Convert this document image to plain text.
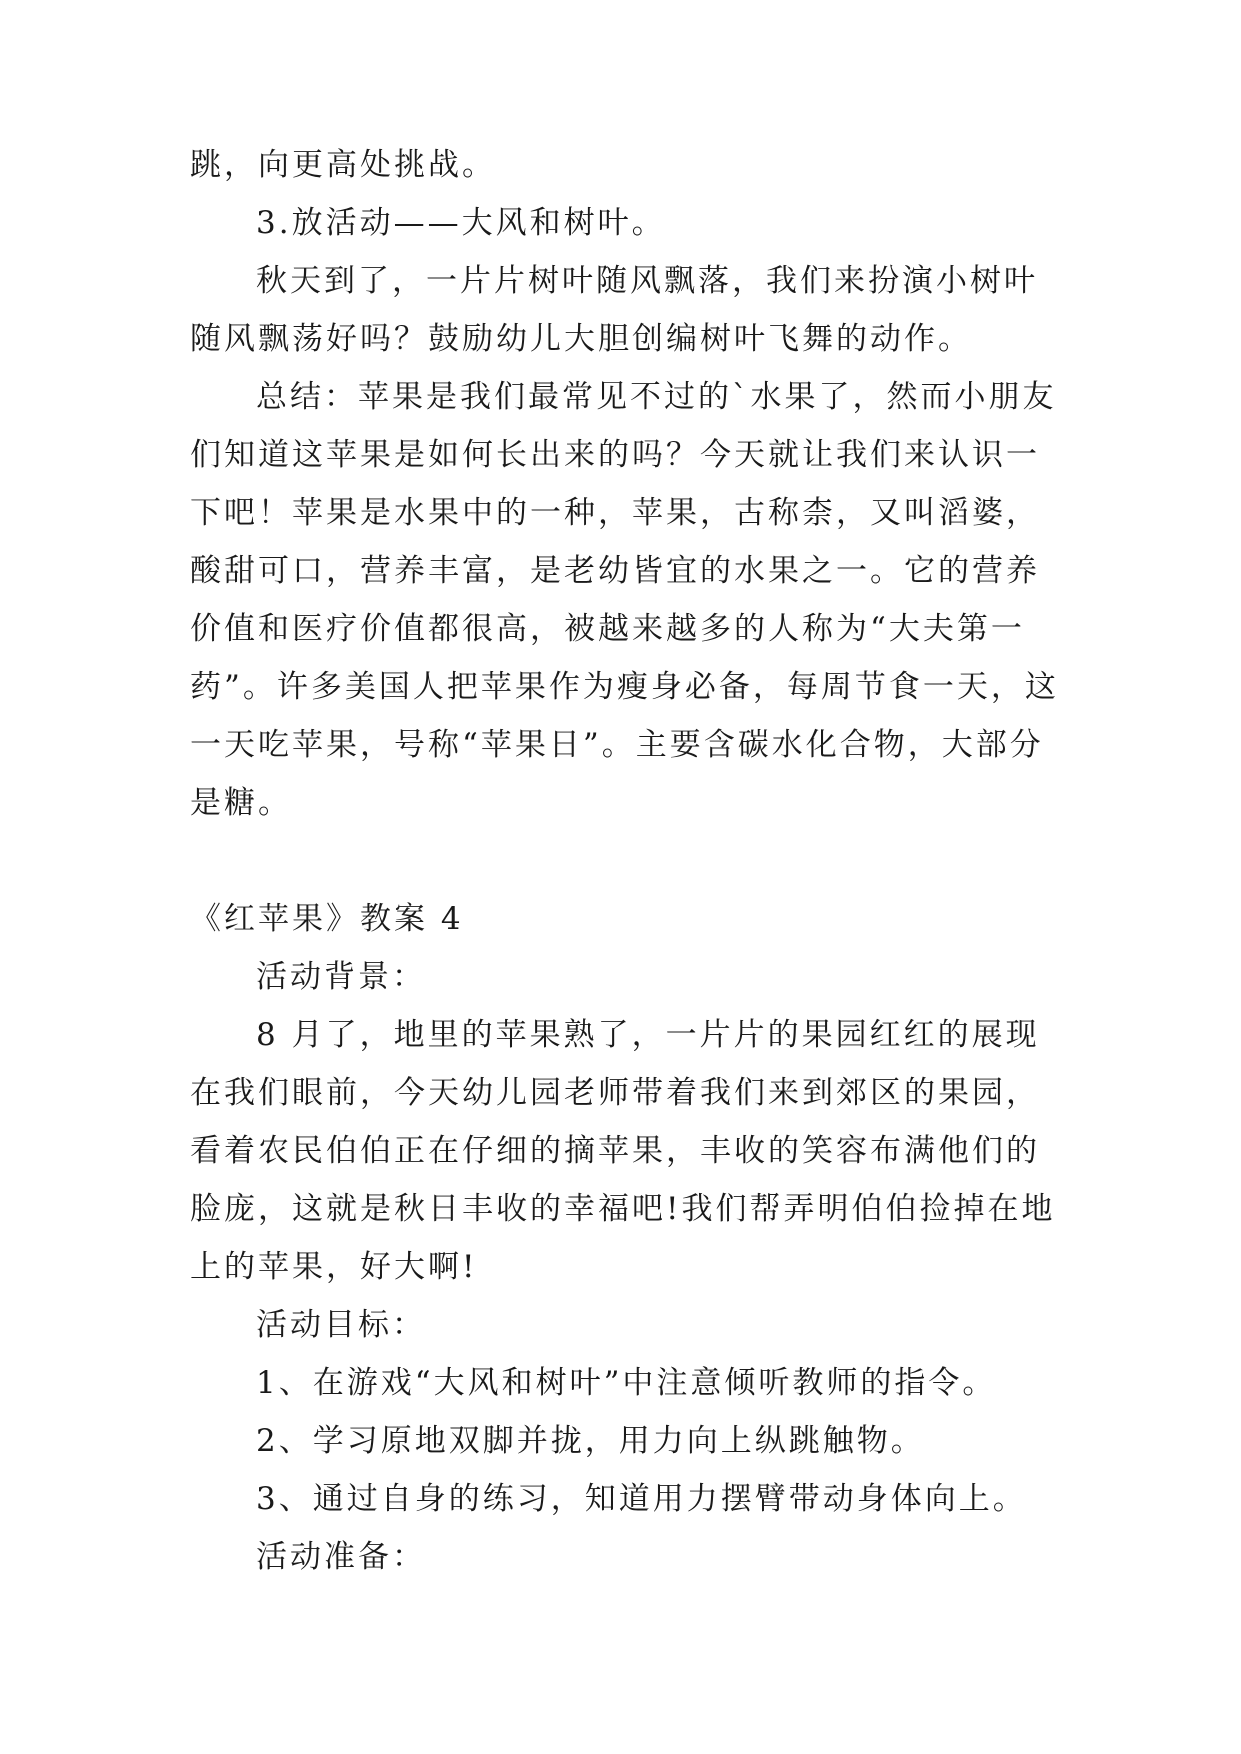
跳，向更高处挑战。

3.放活动——大风和树叶。

秋天到了，一片片树叶随风飘落，我们来扮演小树叶随风飘荡好吗？鼓励幼儿大胆创编树叶飞舞的动作。

总结：苹果是我们最常见不过的`水果了，然而小朋友们知道这苹果是如何长出来的吗？今天就让我们来认识一下吧！苹果是水果中的一种，苹果，古称柰，又叫滔婆，酸甜可口，营养丰富，是老幼皆宜的水果之一。它的营养价值和医疗价值都很高，被越来越多的人称为“大夫第一药”。许多美国人把苹果作为瘦身必备，每周节食一天，这一天吃苹果，号称“苹果日”。主要含碳水化合物，大部分是糖。

《红苹果》教案 4

活动背景：

8 月了，地里的苹果熟了，一片片的果园红红的展现在我们眼前，今天幼儿园老师带着我们来到郊区的果园，看着农民伯伯正在仔细的摘苹果，丰收的笑容布满他们的脸庞，这就是秋日丰收的幸福吧!我们帮弄明伯伯捡掉在地上的苹果，好大啊!

活动目标：

1、在游戏“大风和树叶”中注意倾听教师的指令。

2、学习原地双脚并拢，用力向上纵跳触物。

3、通过自身的练习，知道用力摆臂带动身体向上。

活动准备：
